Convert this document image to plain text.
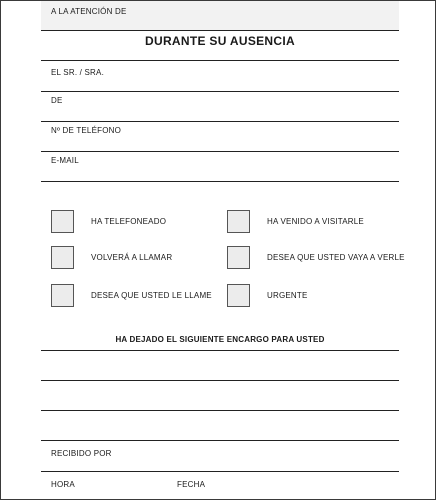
A LA ATENCIÓN DE
DURANTE SU AUSENCIA
EL SR. / SRA.
DE
Nº DE TELÉFONO
E-MAIL
HA TELEFONEADO	HA VENIDO A VISITARLE
VOLVERÁ A LLAMAR	DESEA QUE USTED VAYA A VERLE
DESEA QUE USTED LE LLAME	URGENTE
HA DEJADO EL SIGUIENTE ENCARGO PARA USTED
RECIBIDO POR
HORA	FECHA
